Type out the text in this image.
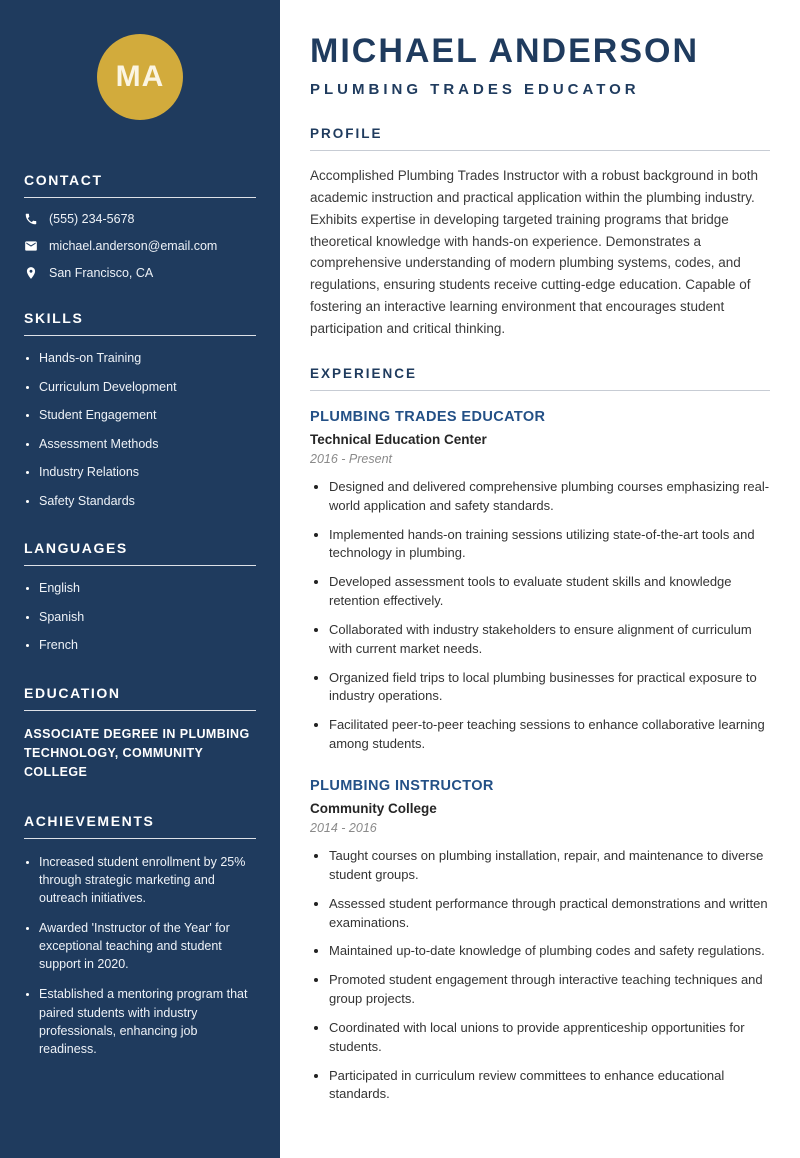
MA
CONTACT
(555) 234-5678
michael.anderson@email.com
San Francisco, CA
SKILLS
• Hands-on Training
• Curriculum Development
• Student Engagement
• Assessment Methods
• Industry Relations
• Safety Standards
LANGUAGES
• English
• Spanish
• French
EDUCATION

ASSOCIATE DEGREE IN PLUMBING TECHNOLOGY, COMMUNITY COLLEGE

ACHIEVEMENTS
• Increased student enrollment by 25% through strategic marketing and outreach initiatives.
• Awarded 'Instructor of the Year' for exceptional teaching and student support in 2020.
• Established a mentoring program that paired students with industry professionals, enhancing job readiness.
MICHAEL ANDERSON
PLUMBING TRADES EDUCATOR
PROFILE

Accomplished Plumbing Trades Instructor with a robust background in both academic instruction and practical application within the plumbing industry. Exhibits expertise in developing targeted training programs that bridge theoretical knowledge with hands-on experience. Demonstrates a comprehensive understanding of modern plumbing systems, codes, and regulations, ensuring students receive cutting-edge education. Capable of fostering an interactive learning environment that encourages student participation and critical thinking.

EXPERIENCE
PLUMBING TRADES EDUCATOR

Technical Education Center

2016 - Present

• Designed and delivered comprehensive plumbing courses emphasizing real-world application and safety standards.
• Implemented hands-on training sessions utilizing state-of-the-art tools and technology in plumbing.
• Developed assessment tools to evaluate student skills and knowledge retention effectively.
• Collaborated with industry stakeholders to ensure alignment of curriculum with current market needs.
• Organized field trips to local plumbing businesses for practical exposure to industry operations.
• Facilitated peer-to-peer teaching sessions to enhance collaborative learning among students.
PLUMBING INSTRUCTOR

Community College

2014 - 2016

• Taught courses on plumbing installation, repair, and maintenance to diverse student groups.
• Assessed student performance through practical demonstrations and written examinations.
• Maintained up-to-date knowledge of plumbing codes and safety regulations.
• Promoted student engagement through interactive teaching techniques and group projects.
• Coordinated with local unions to provide apprenticeship opportunities for students.
• Participated in curriculum review committees to enhance educational standards.
